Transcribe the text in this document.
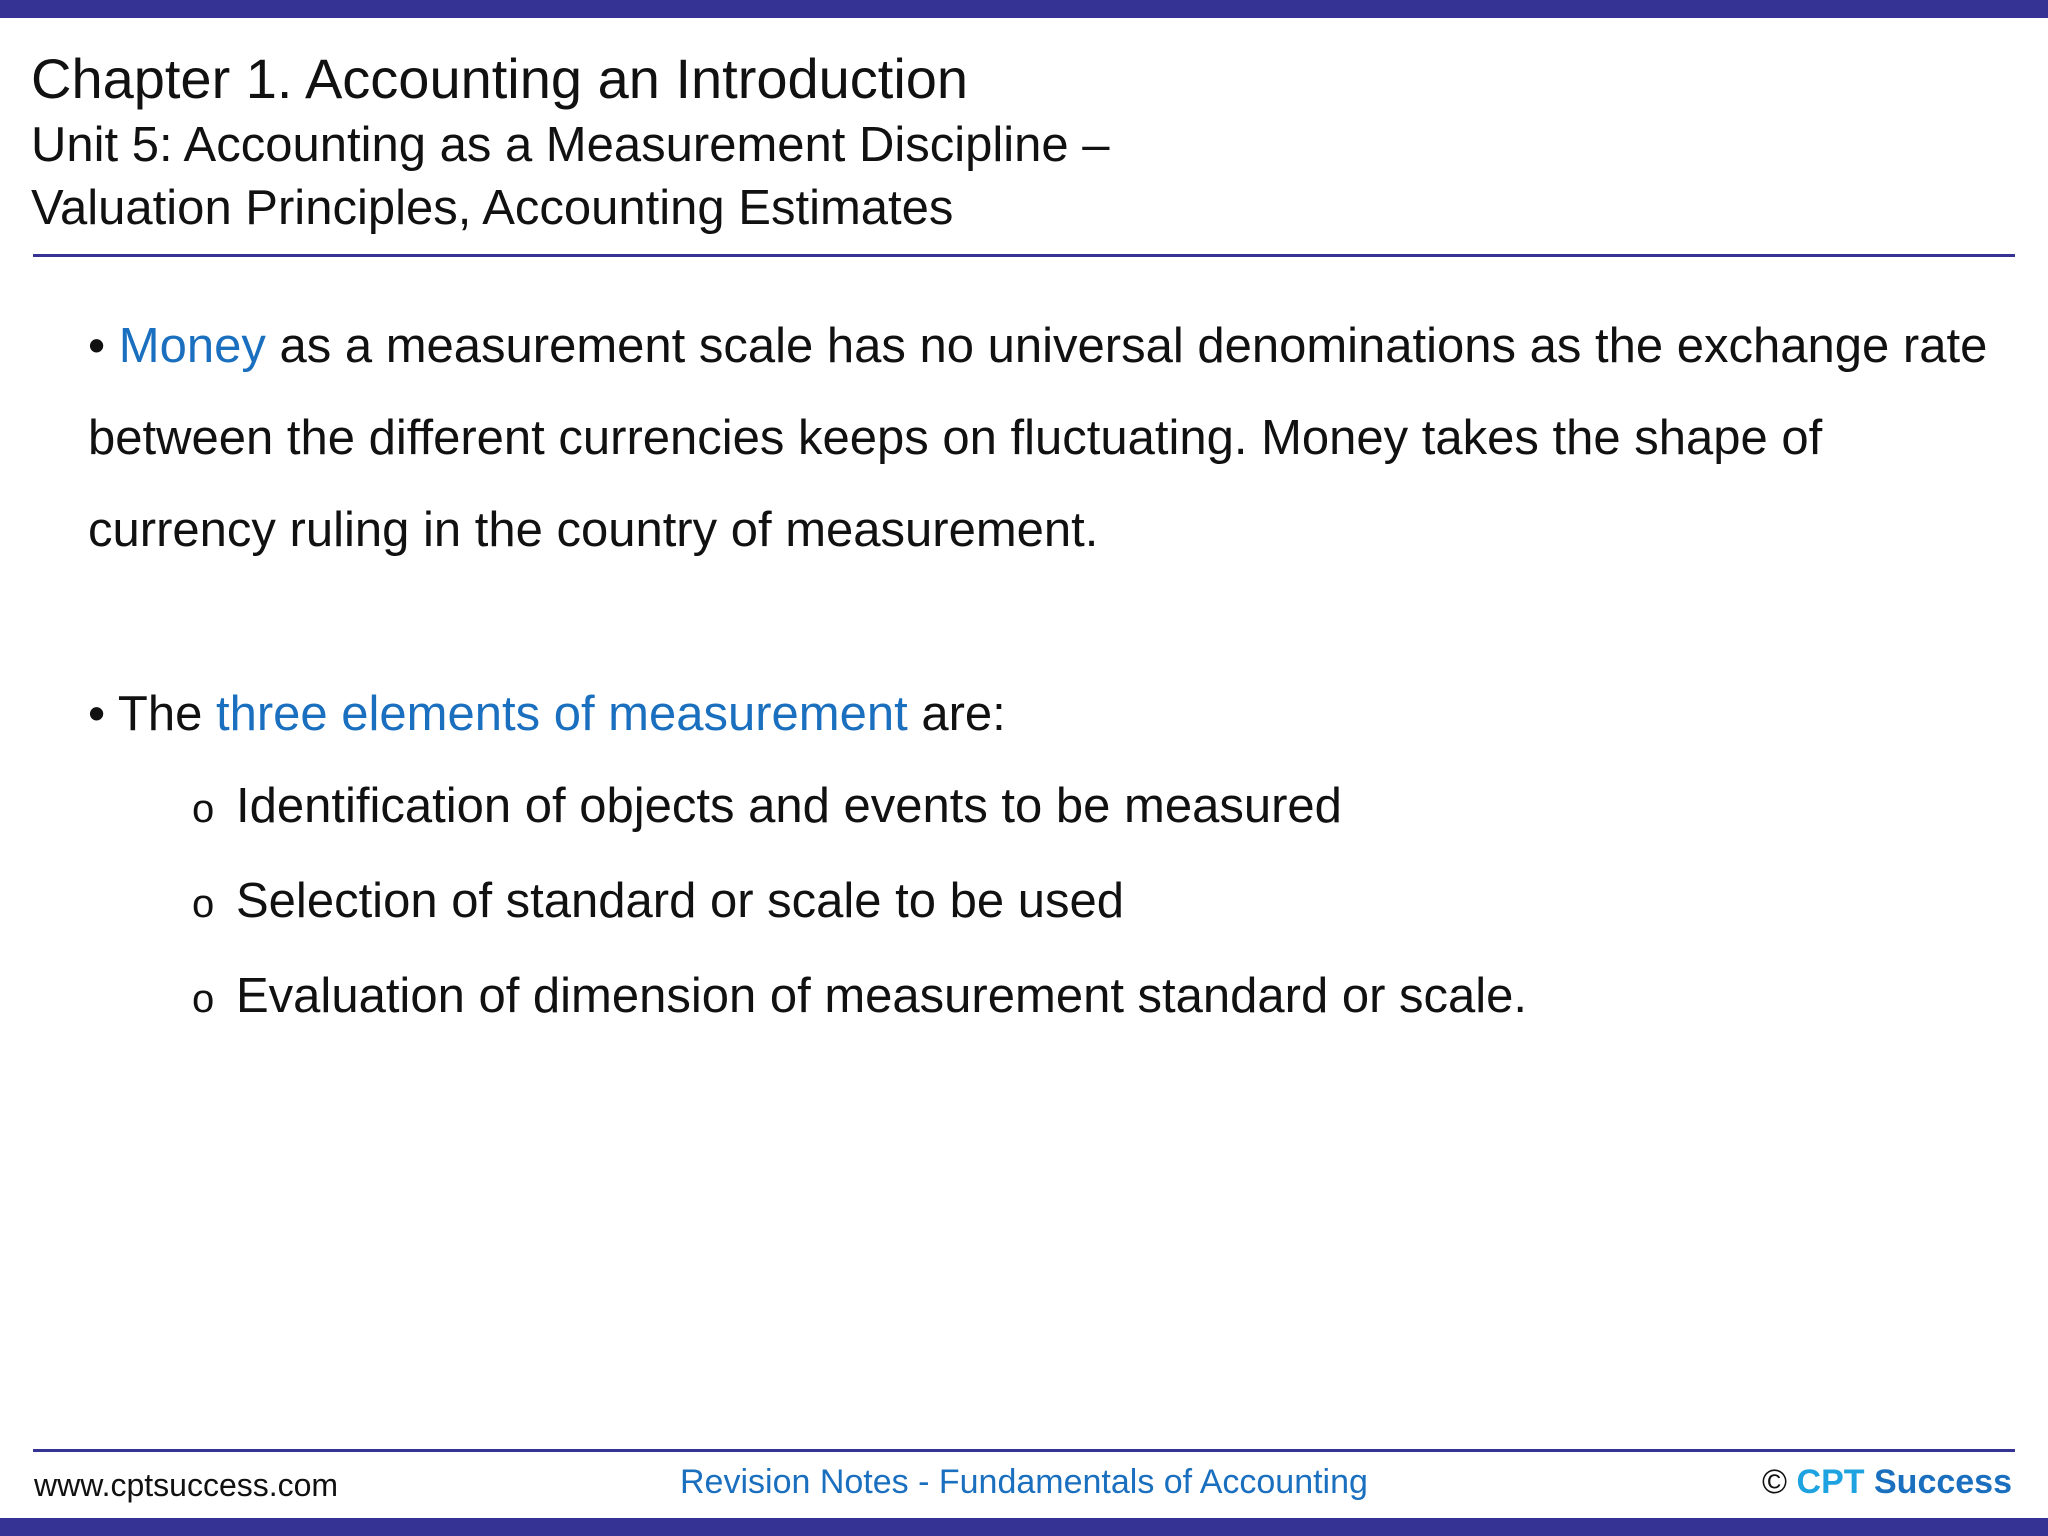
Chapter 1. Accounting an Introduction
Unit 5: Accounting as a Measurement Discipline –
Valuation Principles, Accounting Estimates

• Money as a measurement scale has no universal denominations as the exchange rate between the different currencies keeps on fluctuating. Money takes the shape of currency ruling in the country of measurement.

• The three elements of measurement are:

o Identification of objects and events to be measured

o Selection of standard or scale to be used

o Evaluation of dimension of measurement standard or scale.

www.cptsuccess.com	Revision Notes - Fundamentals of Accounting	© CPT Success
